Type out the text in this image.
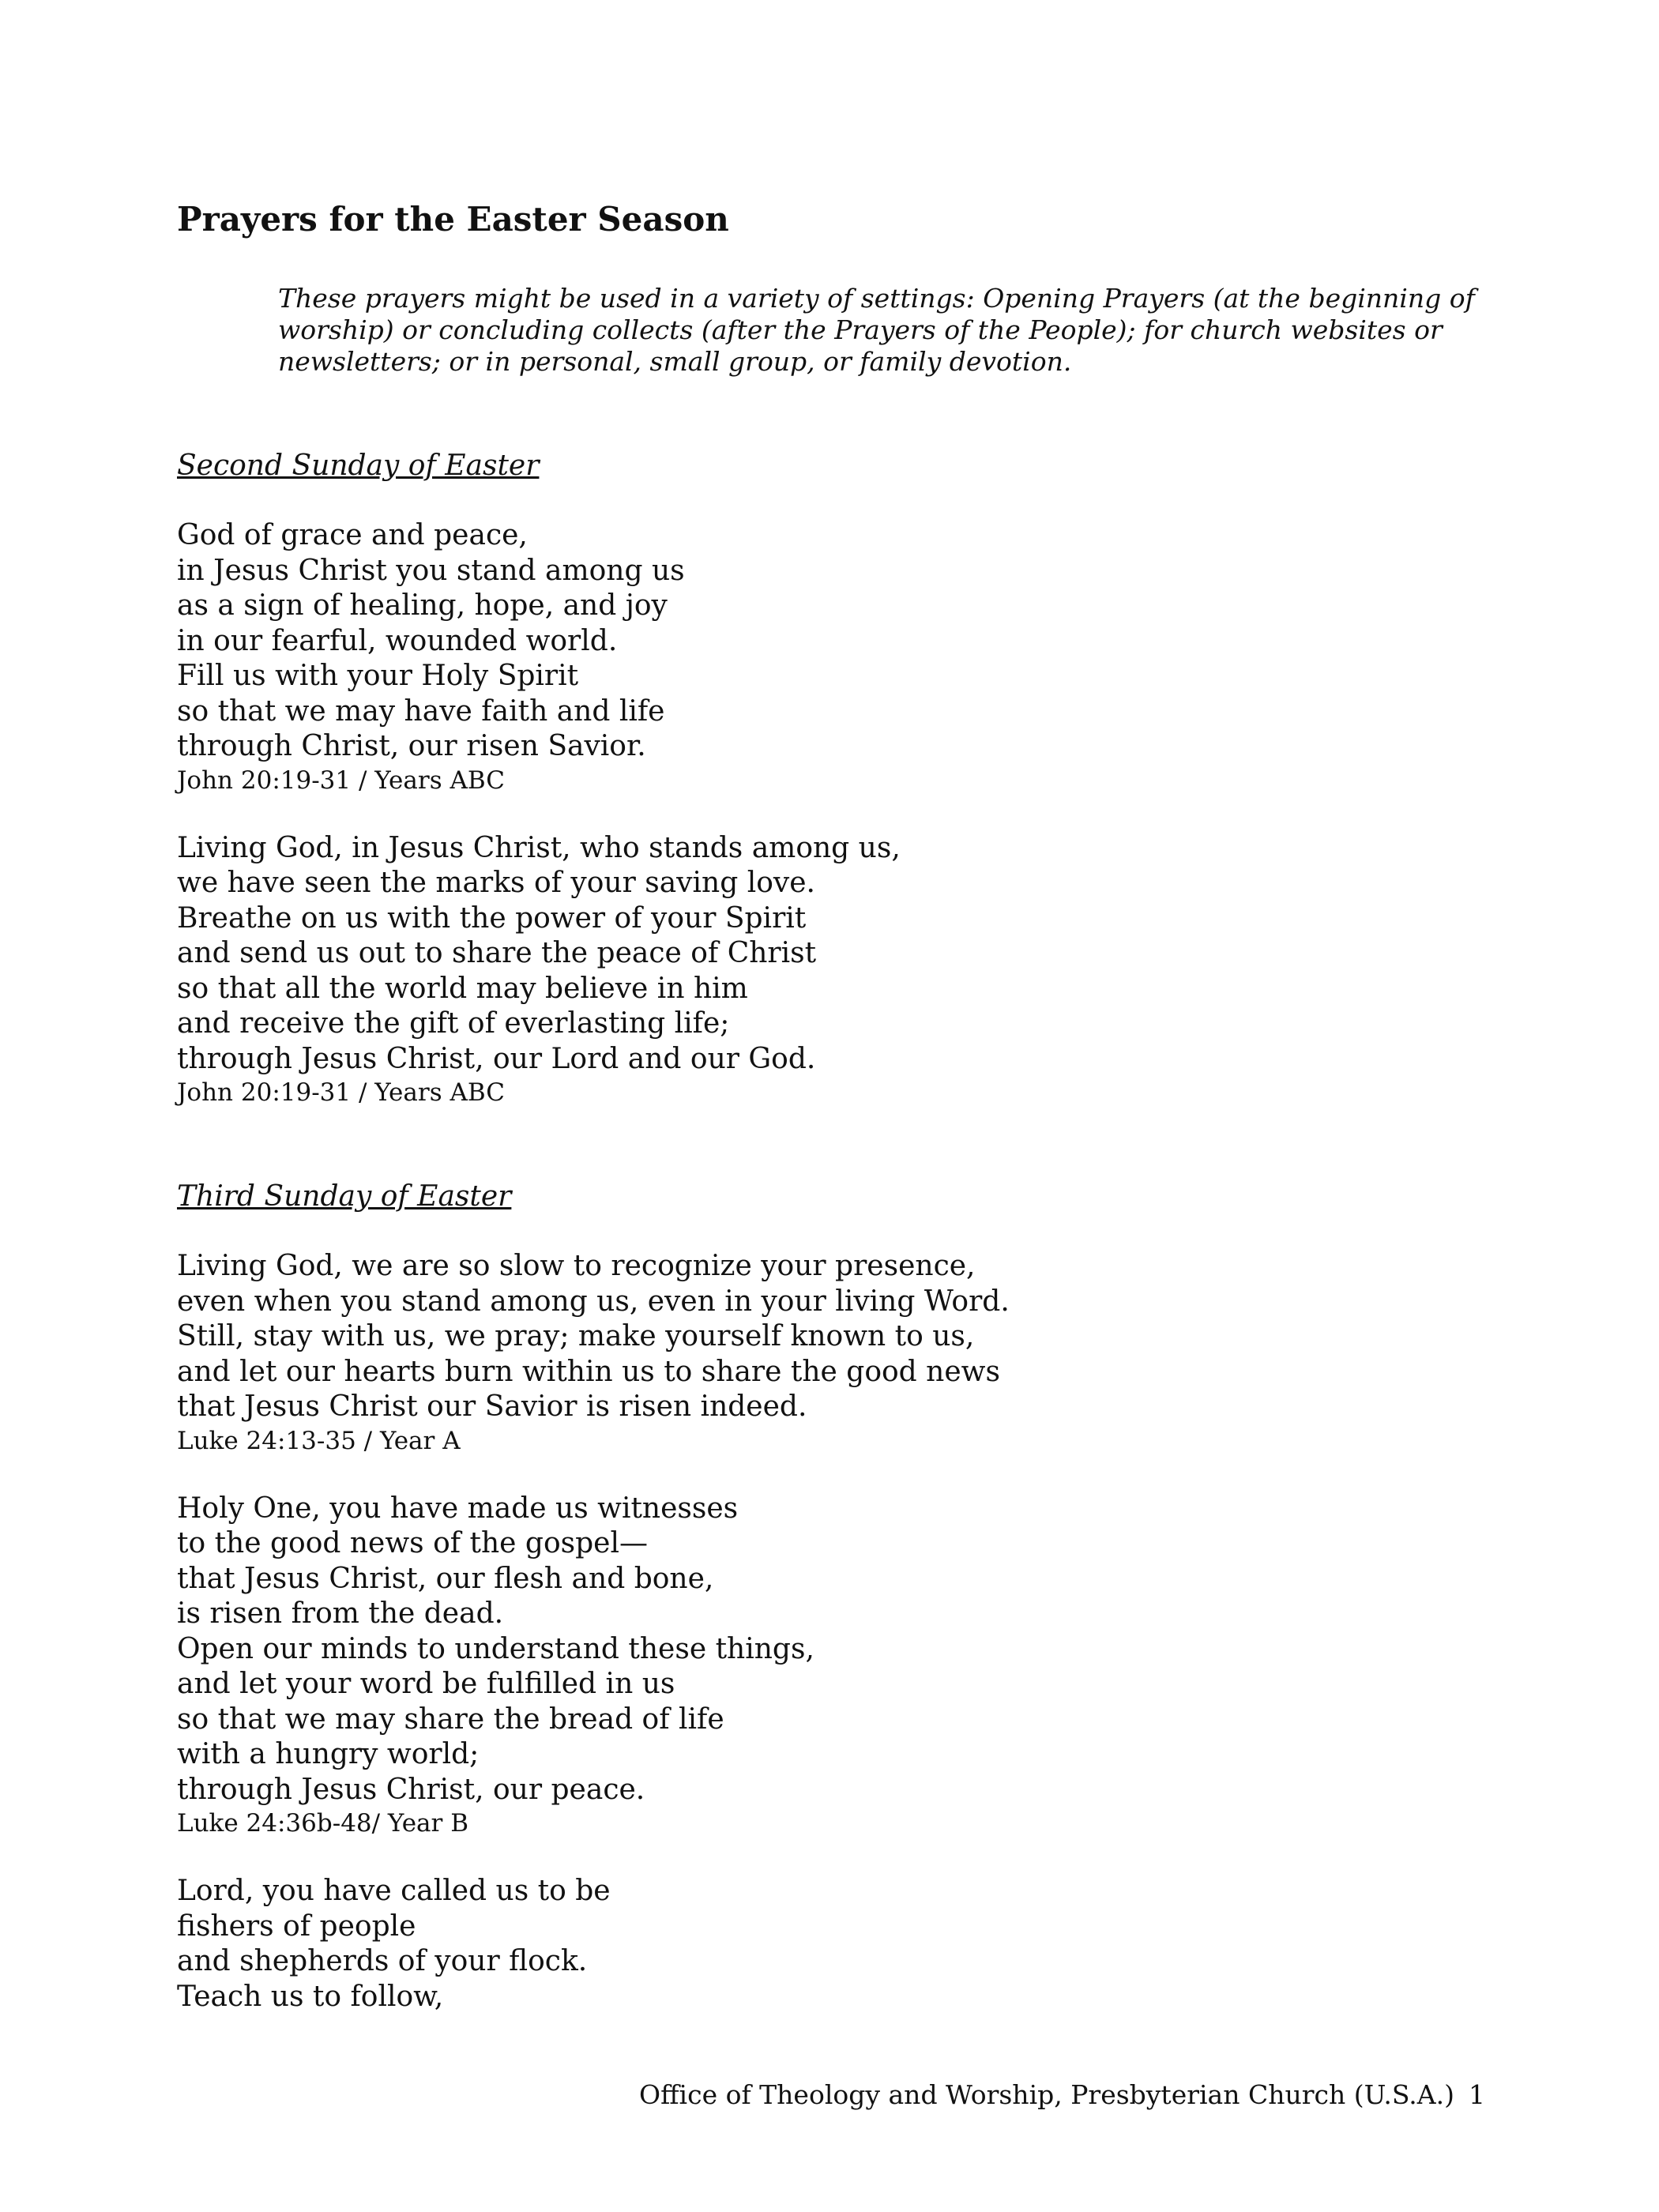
Prayers for the Easter Season

These prayers might be used in a variety of settings: Opening Prayers (at the beginning of worship) or concluding collects (after the Prayers of the People); for church websites or newsletters; or in personal, small group, or family devotion.

Second Sunday of Easter
God of grace and peace,
in Jesus Christ you stand among us
as a sign of healing, hope, and joy
in our fearful, wounded world.
Fill us with your Holy Spirit
so that we may have faith and life
through Christ, our risen Savior.
John 20:19-31 / Years ABC
Living God, in Jesus Christ, who stands among us,
we have seen the marks of your saving love.
Breathe on us with the power of your Spirit
and send us out to share the peace of Christ
so that all the world may believe in him
and receive the gift of everlasting life;
through Jesus Christ, our Lord and our God.
John 20:19-31 / Years ABC
Third Sunday of Easter
Living God, we are so slow to recognize your presence,
even when you stand among us, even in your living Word.
Still, stay with us, we pray; make yourself known to us,
and let our hearts burn within us to share the good news
that Jesus Christ our Savior is risen indeed.
Luke 24:13-35 / Year A
Holy One, you have made us witnesses
to the good news of the gospel—
that Jesus Christ, our flesh and bone,
is risen from the dead.
Open our minds to understand these things,
and let your word be fulfilled in us
so that we may share the bread of life
with a hungry world;
through Jesus Christ, our peace.
Luke 24:36b-48/ Year B
Lord, you have called us to be
fishers of people
and shepherds of your flock.
Teach us to follow,
Office of Theology and Worship, Presbyterian Church (U.S.A.) 1
